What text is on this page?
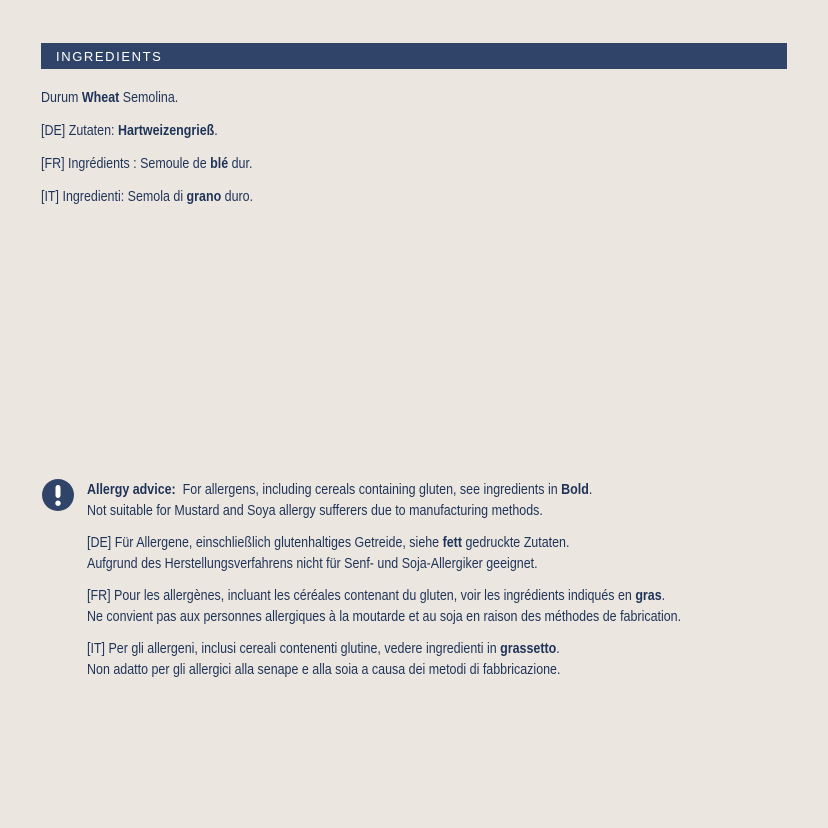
INGREDIENTS
Durum Wheat Semolina.
[DE] Zutaten: Hartweizengrieß.
[FR] Ingrédients : Semoule de blé dur.
[IT] Ingredienti: Semola di grano duro.
Allergy advice:  For allergens, including cereals containing gluten, see ingredients in Bold.
Not suitable for Mustard and Soya allergy sufferers due to manufacturing methods.
[DE] Für Allergene, einschließlich glutenhaltiges Getreide, siehe fett gedruckte Zutaten.
Aufgrund des Herstellungsverfahrens nicht für Senf- und Soja-Allergiker geeignet.
[FR] Pour les allergènes, incluant les céréales contenant du gluten, voir les ingrédients indiqués en gras.
Ne convient pas aux personnes allergiques à la moutarde et au soja en raison des méthodes de fabrication.
[IT] Per gli allergeni, inclusi cereali contenenti glutine, vedere ingredienti in grassetto.
Non adatto per gli allergici alla senape e alla soia a causa dei metodi di fabbricazione.
